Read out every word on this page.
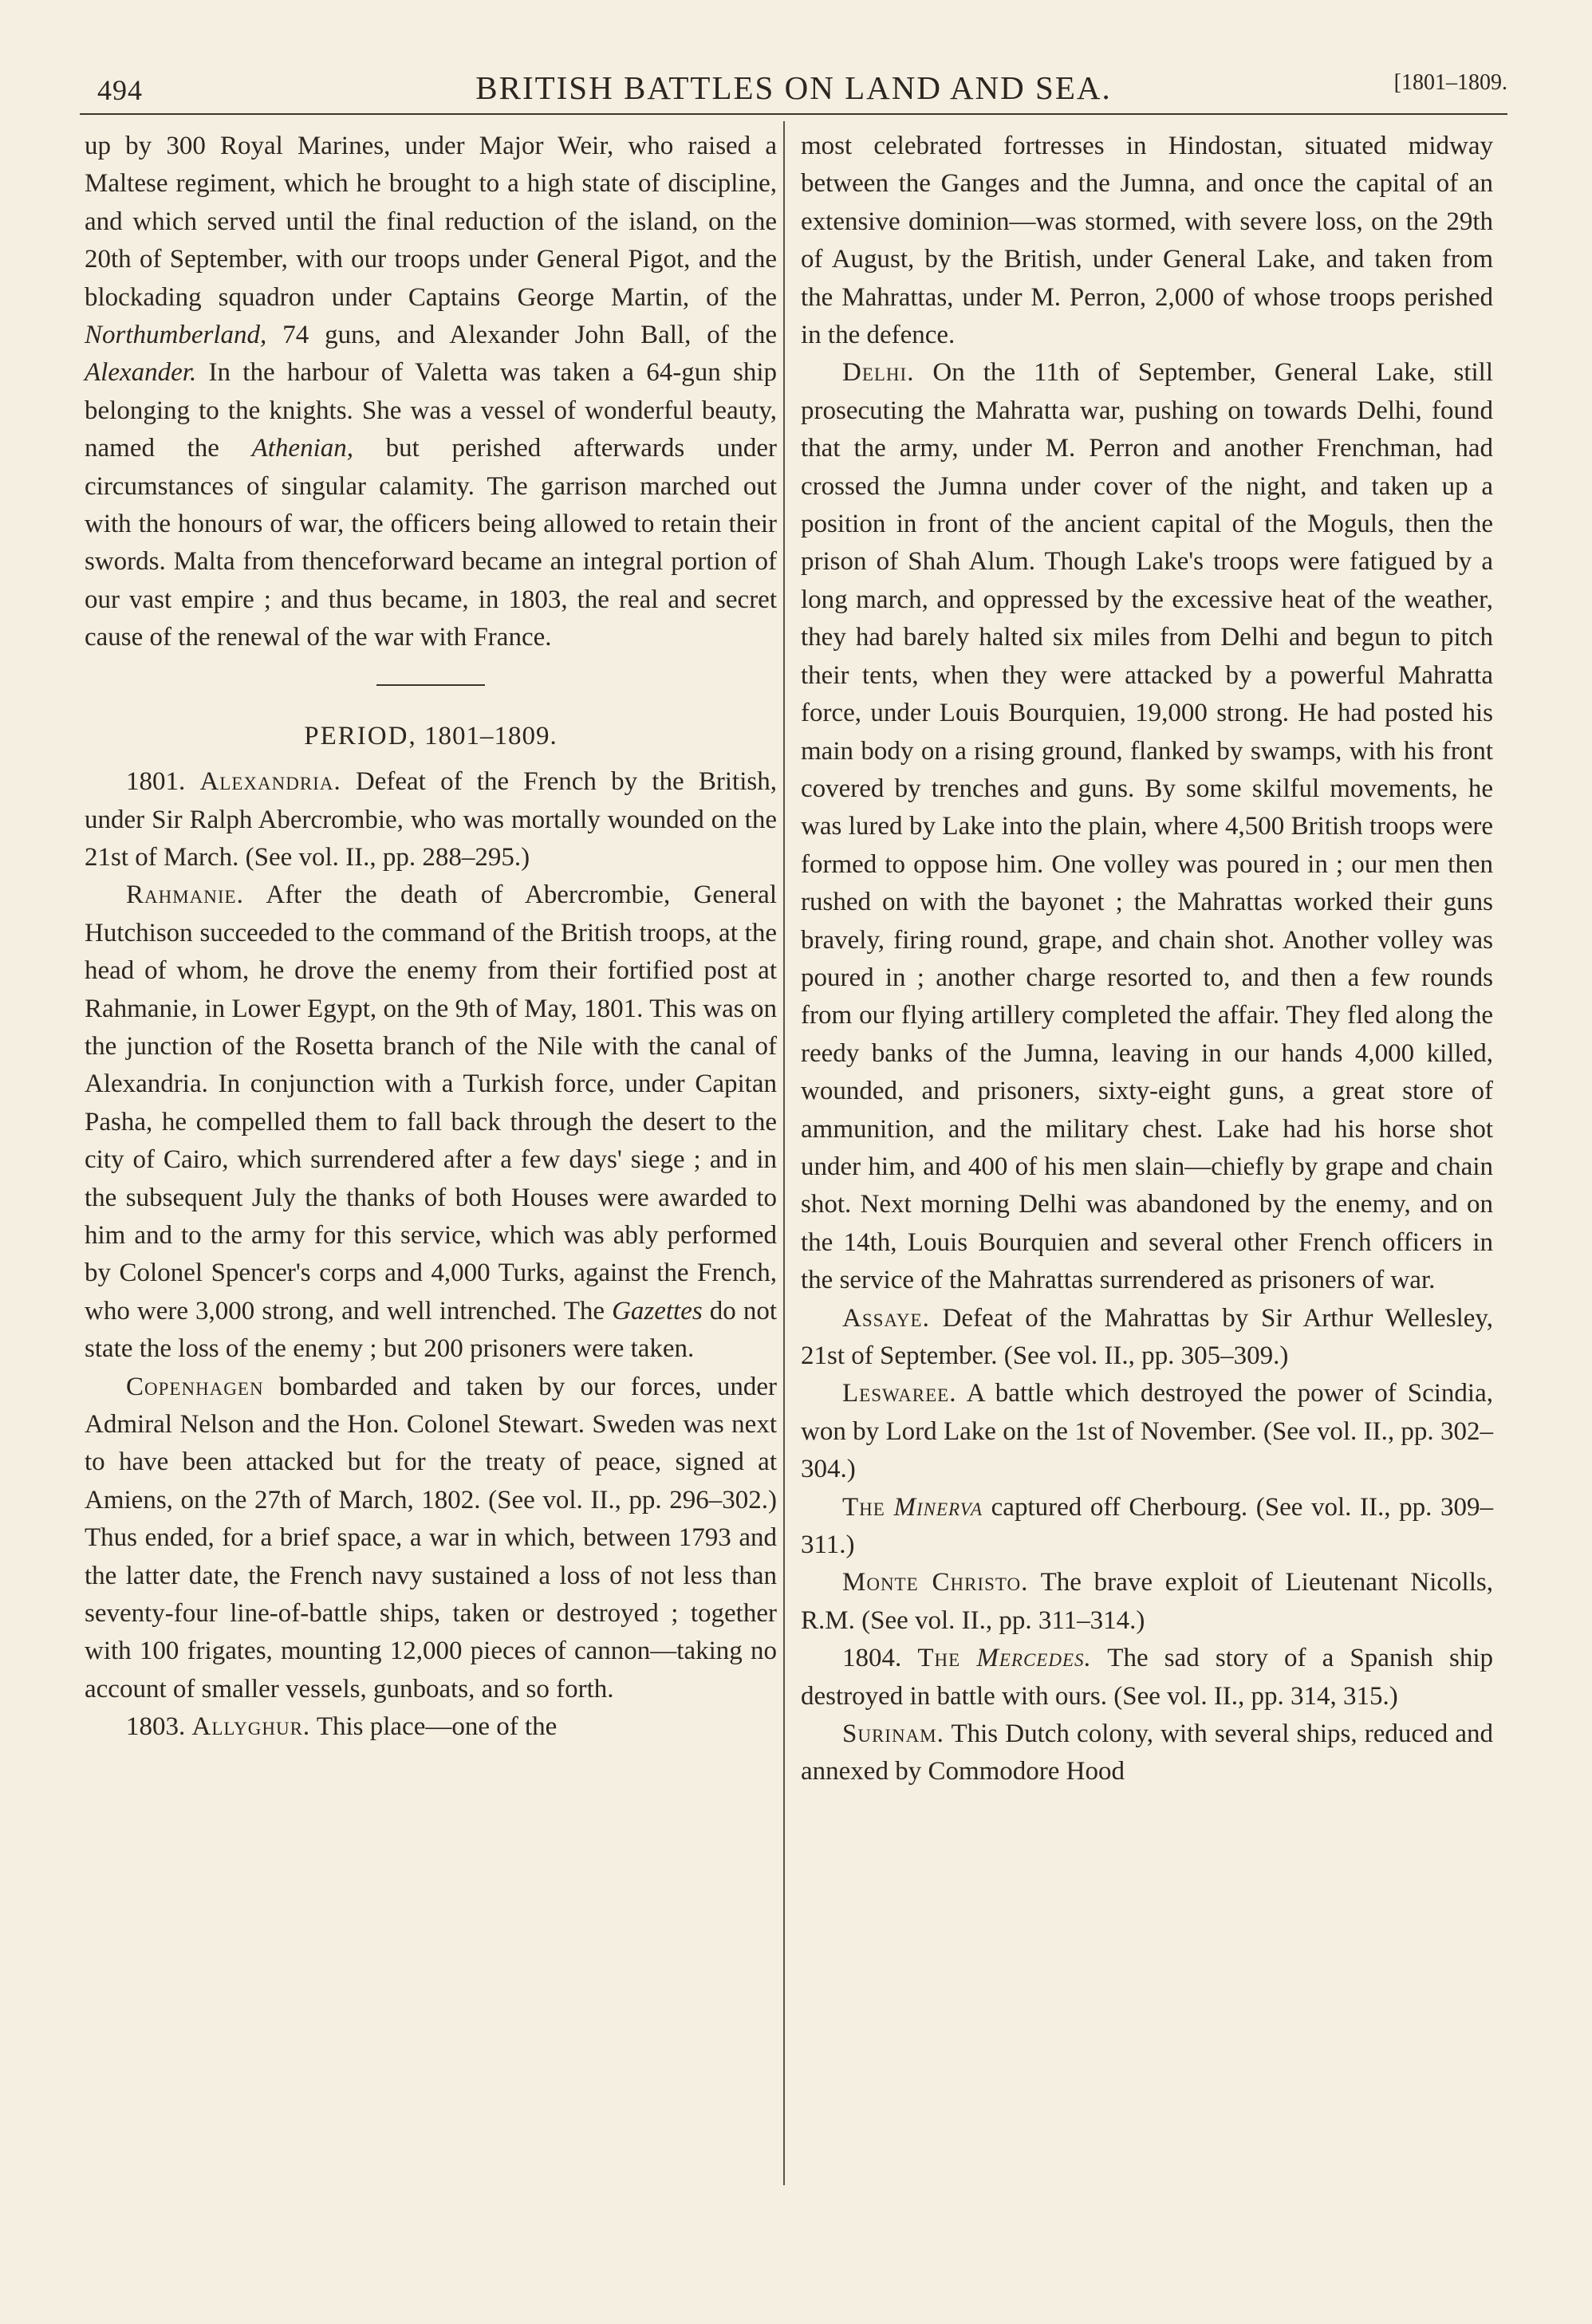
494	BRITISH BATTLES ON LAND AND SEA.	[1801–1809.

up by 300 Royal Marines, under Major Weir, who raised a Maltese regiment, which he brought to a high state of discipline, and which served until the final reduction of the island, on the 20th of September, with our troops under General Pigot, and the blockading squadron under Captains George Martin, of the Northumberland, 74 guns, and Alexander John Ball, of the Alexander. In the harbour of Valetta was taken a 64-gun ship belonging to the knights. She was a vessel of wonderful beauty, named the Athenian, but perished afterwards under circumstances of singular calamity. The garrison marched out with the honours of war, the officers being allowed to retain their swords. Malta from thenceforward became an integral portion of our vast empire ; and thus became, in 1803, the real and secret cause of the renewal of the war with France.

PERIOD, 1801–1809.

1801. Alexandria. Defeat of the French by the British, under Sir Ralph Abercrombie, who was mortally wounded on the 21st of March. (See vol. II., pp. 288–295.)

Rahmanie. After the death of Abercrombie, General Hutchison succeeded to the command of the British troops, at the head of whom, he drove the enemy from their fortified post at Rahmanie, in Lower Egypt, on the 9th of May, 1801. This was on the junction of the Rosetta branch of the Nile with the canal of Alexandria. In conjunction with a Turkish force, under Capitan Pasha, he compelled them to fall back through the desert to the city of Cairo, which surrendered after a few days' siege ; and in the subsequent July the thanks of both Houses were awarded to him and to the army for this service, which was ably performed by Colonel Spencer's corps and 4,000 Turks, against the French, who were 3,000 strong, and well intrenched. The Gazettes do not state the loss of the enemy ; but 200 prisoners were taken.

Copenhagen bombarded and taken by our forces, under Admiral Nelson and the Hon. Colonel Stewart. Sweden was next to have been attacked but for the treaty of peace, signed at Amiens, on the 27th of March, 1802. (See vol. II., pp. 296–302.) Thus ended, for a brief space, a war in which, between 1793 and the latter date, the French navy sustained a loss of not less than seventy-four line-of-battle ships, taken or destroyed ; together with 100 frigates, mounting 12,000 pieces of cannon—taking no account of smaller vessels, gunboats, and so forth.

1803. Allyghur. This place—one of the

most celebrated fortresses in Hindostan, situated midway between the Ganges and the Jumna, and once the capital of an extensive dominion—was stormed, with severe loss, on the 29th of August, by the British, under General Lake, and taken from the Mahrattas, under M. Perron, 2,000 of whose troops perished in the defence.

Delhi. On the 11th of September, General Lake, still prosecuting the Mahratta war, pushing on towards Delhi, found that the army, under M. Perron and another Frenchman, had crossed the Jumna under cover of the night, and taken up a position in front of the ancient capital of the Moguls, then the prison of Shah Alum. Though Lake's troops were fatigued by a long march, and oppressed by the excessive heat of the weather, they had barely halted six miles from Delhi and begun to pitch their tents, when they were attacked by a powerful Mahratta force, under Louis Bourquien, 19,000 strong. He had posted his main body on a rising ground, flanked by swamps, with his front covered by trenches and guns. By some skilful movements, he was lured by Lake into the plain, where 4,500 British troops were formed to oppose him. One volley was poured in ; our men then rushed on with the bayonet ; the Mahrattas worked their guns bravely, firing round, grape, and chain shot. Another volley was poured in ; another charge resorted to, and then a few rounds from our flying artillery completed the affair. They fled along the reedy banks of the Jumna, leaving in our hands 4,000 killed, wounded, and prisoners, sixty-eight guns, a great store of ammunition, and the military chest. Lake had his horse shot under him, and 400 of his men slain—chiefly by grape and chain shot. Next morning Delhi was abandoned by the enemy, and on the 14th, Louis Bourquien and several other French officers in the service of the Mahrattas surrendered as prisoners of war.

Assaye. Defeat of the Mahrattas by Sir Arthur Wellesley, 21st of September. (See vol. II., pp. 305–309.)

Leswaree. A battle which destroyed the power of Scindia, won by Lord Lake on the 1st of November. (See vol. II., pp. 302–304.)

The Minerva captured off Cherbourg. (See vol. II., pp. 309–311.)

Monte Christo. The brave exploit of Lieutenant Nicolls, R.M. (See vol. II., pp. 311–314.)

1804. The Mercedes. The sad story of a Spanish ship destroyed in battle with ours. (See vol. II., pp. 314, 315.)

Surinam. This Dutch colony, with several ships, reduced and annexed by Commodore Hood
